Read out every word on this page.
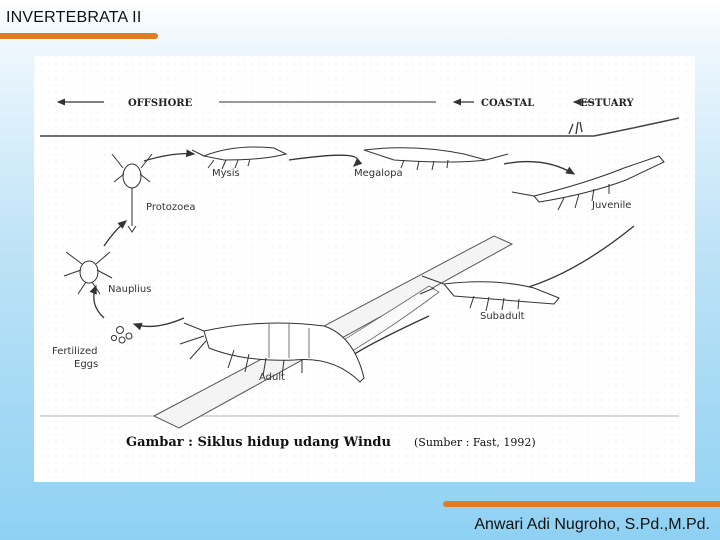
INVERTEBRATA II
OFFSHORE	COASTAL	ESTUARY
Mysis	Megalopa
Protozoea	Juvenile
Nauplius
Subadult
Fertilized
Eggs
Adult
Gambar : Siklus hidup udang Windu (Sumber : Fast, 1992)
Anwari Adi Nugroho, S.Pd.,M.Pd.
